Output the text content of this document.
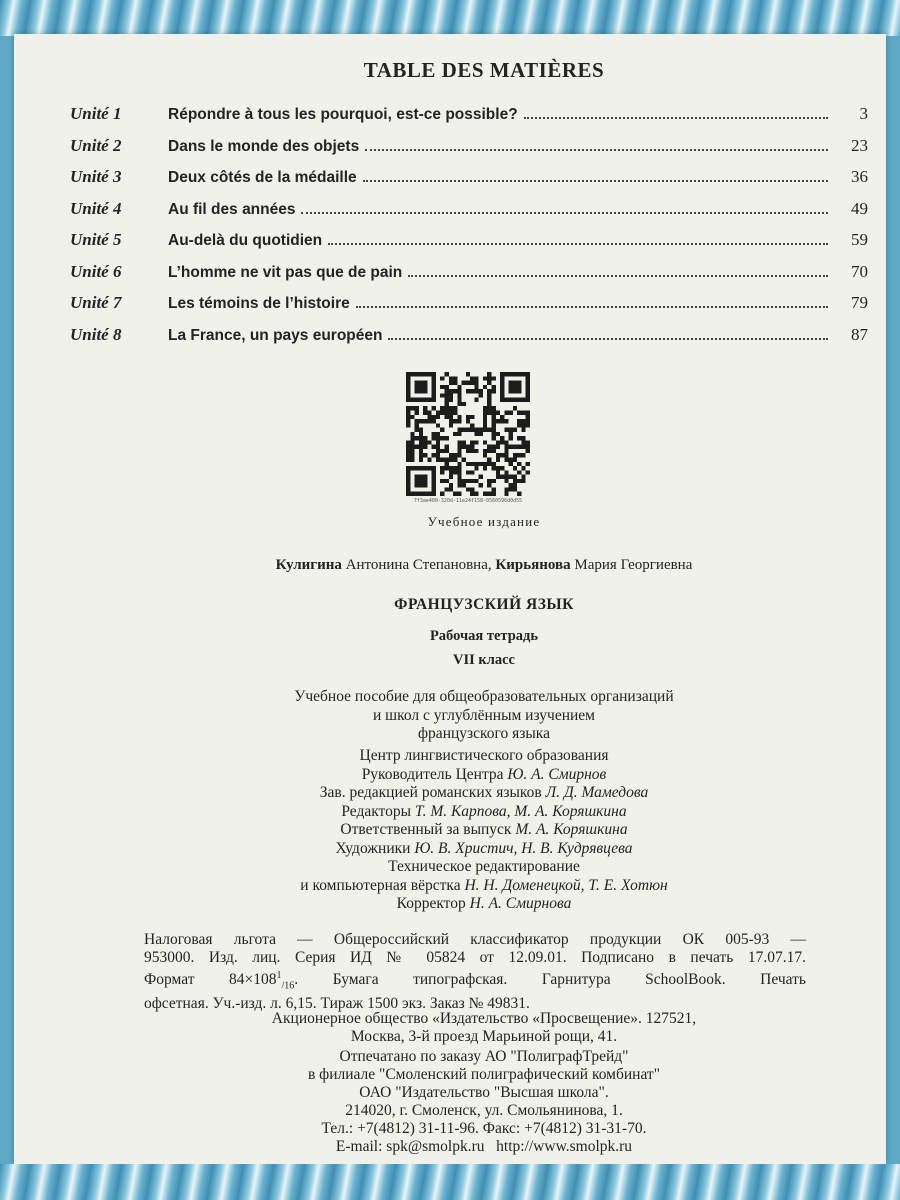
TABLE DES MATIÈRES
Unité 1	Répondre à tous les pourquoi, est-ce possible?	3
Unité 2	Dans le monde des objets	23
Unité 3	Deux côtés de la médaille	36
Unité 4	Au fil des années	49
Unité 5	Au-delà du quotidien	59
Unité 6	L’homme ne vit pas que de pain	70
Unité 7	Les témoins de l’histoire	79
Unité 8	La France, un pays européen	87
7f3ae400-320d-11e24f158-0560596d0d55
Учебное издание
Кулигина Антонина Степановна, Кирьянова Мария Георгиевна
ФРАНЦУЗСКИЙ ЯЗЫК
Рабочая тетрадь
VII класс
Учебное пособие для общеобразовательных организаций
и школ с углублённым изучением
французского языка
Центр лингвистического образования
Руководитель Центра Ю. А. Смирнов
Зав. редакцией романских языков Л. Д. Мамедова
Редакторы Т. М. Карпова, М. А. Коряшкина
Ответственный за выпуск М. А. Коряшкина
Художники Ю. В. Христич, Н. В. Кудрявцева
Техническое редактирование
и компьютерная вёрстка Н. Н. Доменецкой, Т. Е. Хотюн
Корректор Н. А. Смирнова
Налоговая льгота — Общероссийский классификатор продукции ОК 005-93 —
953000. Изд. лиц. Серия ИД № 05824 от 12.09.01. Подписано в печать 17.07.17.
Формат $84\times 108^1_{/16}$. Бумага типографская. Гарнитура SchoolBook. Печать
офсетная. Уч.-изд. л. 6,15. Тираж 1500 экз. Заказ № 49831.
Акционерное общество «Издательство «Просвещение». 127521,
Москва, 3-й проезд Марьиной рощи, 41.
Отпечатано по заказу АО "ПолиграфТрейд"
в филиале "Смоленский полиграфический комбинат"
ОАО "Издательство "Высшая школа".
214020, г. Смоленск, ул. Смольянинова, 1.
Тел.: +7(4812) 31-11-96. Факс: +7(4812) 31-31-70.
E-mail: spk@smolpk.ru   http://www.smolpk.ru
